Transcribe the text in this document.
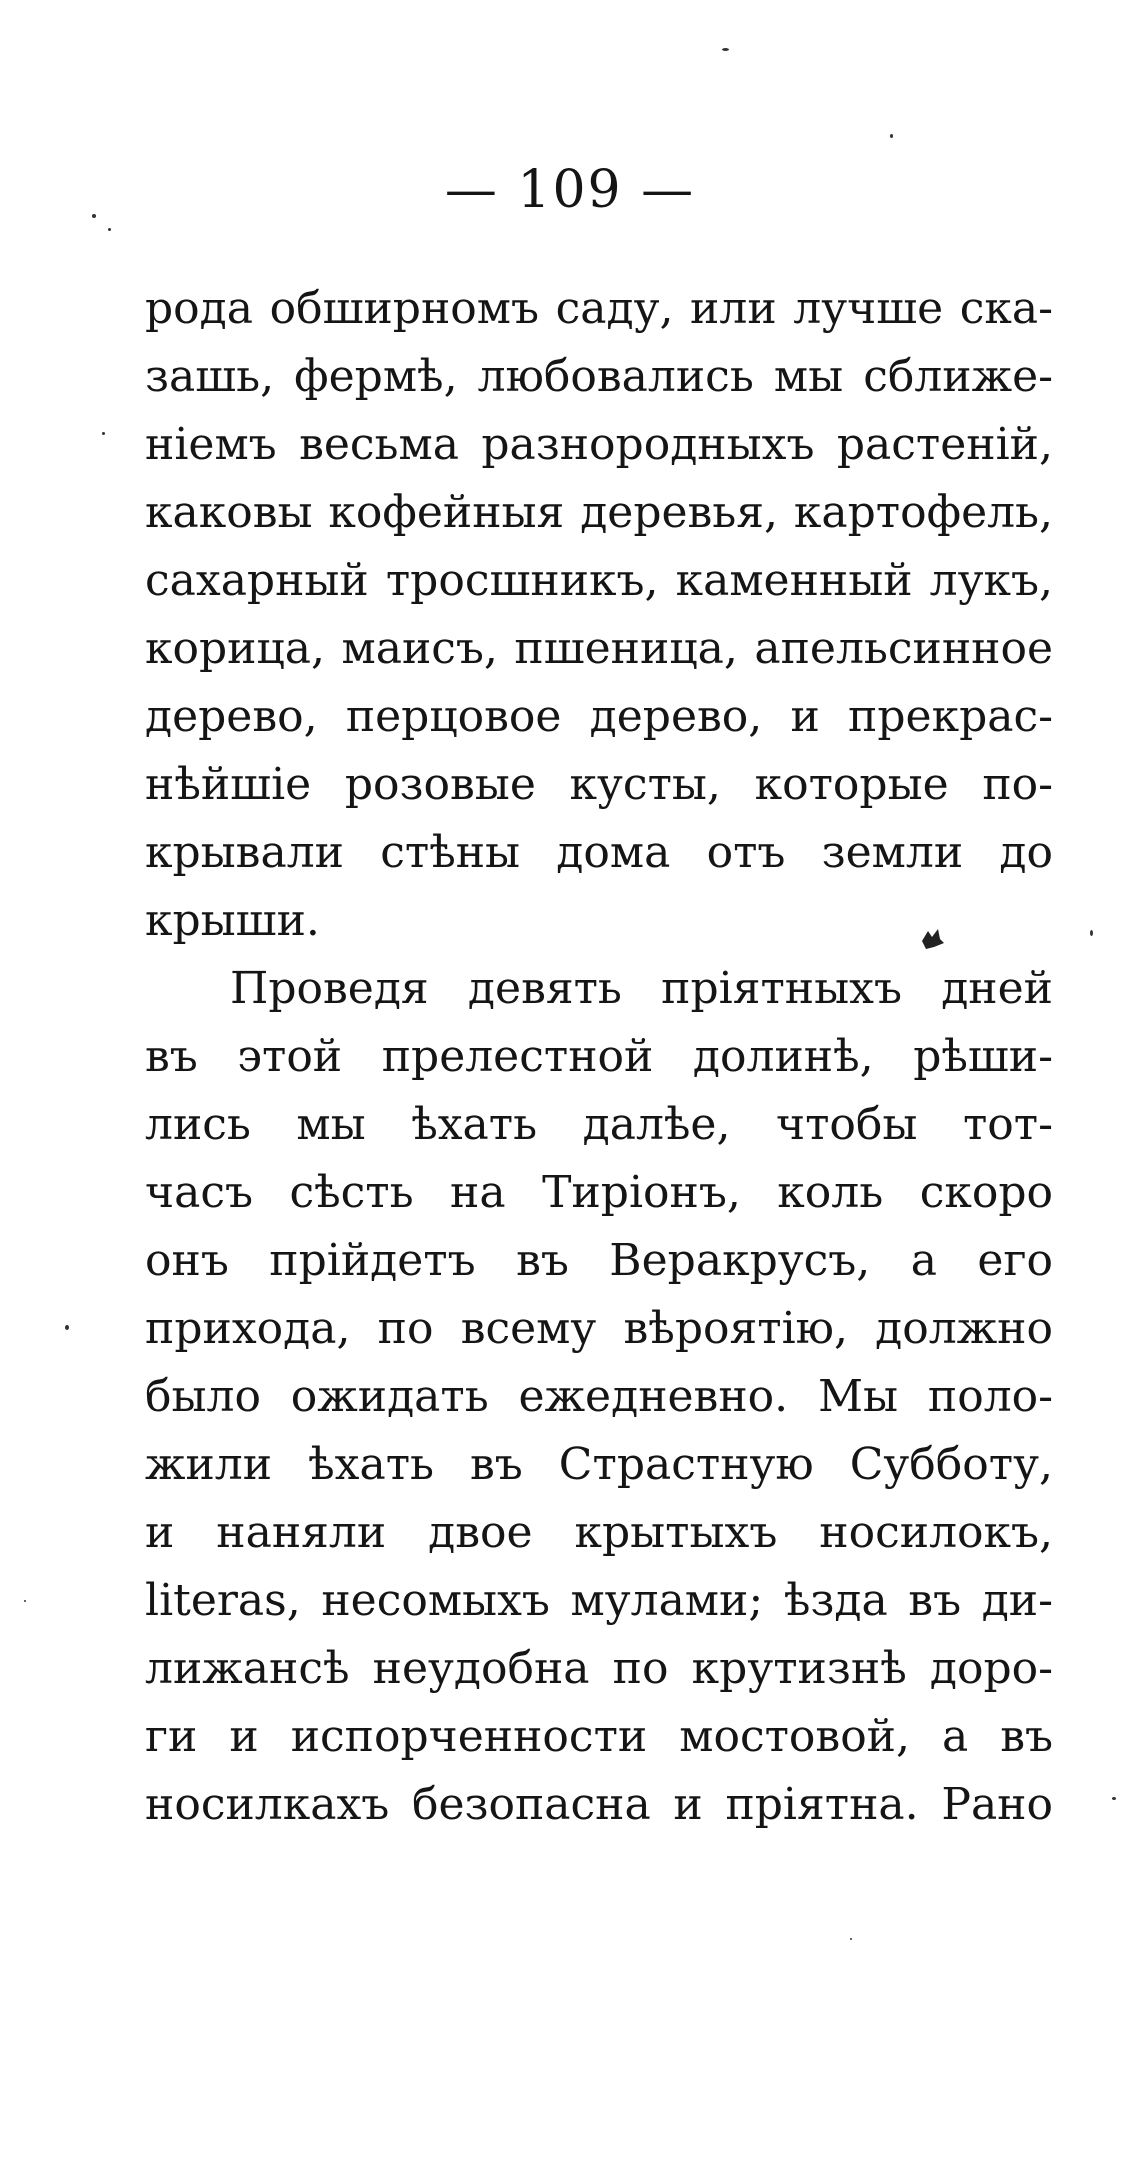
— 109 —
рода обширномъ саду, или лучше ска-
зашь, фермѣ, любовались мы сближе-
нiемъ весьма разнородныхъ растенiй,
каковы кофейныя деревья, картофель,
сахарный тросшникъ, каменный лукъ,
корица, маисъ, пшеница, апельсинное
дерево, перцовое дерево, и прекрас-
нѣйшiе розовые кусты, которые по-
крывали стѣны дома отъ земли до
крыши.
Проведя девять прiятныхъ дней
въ этой прелестной долинѣ, рѣши-
лись мы ѣхать далѣе, чтобы тот-
часъ сѣсть на Тирiонъ, коль скоро
онъ прiйдетъ въ Веракрусъ, а его
прихода, по всему вѣроятiю, должно
было ожидать ежедневно. Мы поло-
жили ѣхать въ Страстную Субботу,
и наняли двое крытыхъ носилокъ,
literas, несомыхъ мулами; ѣзда въ ди-
лижансѣ неудобна по крутизнѣ доро-
ги и испорченности мостовой, а въ
носилкахъ безопасна и прiятна. Рано
